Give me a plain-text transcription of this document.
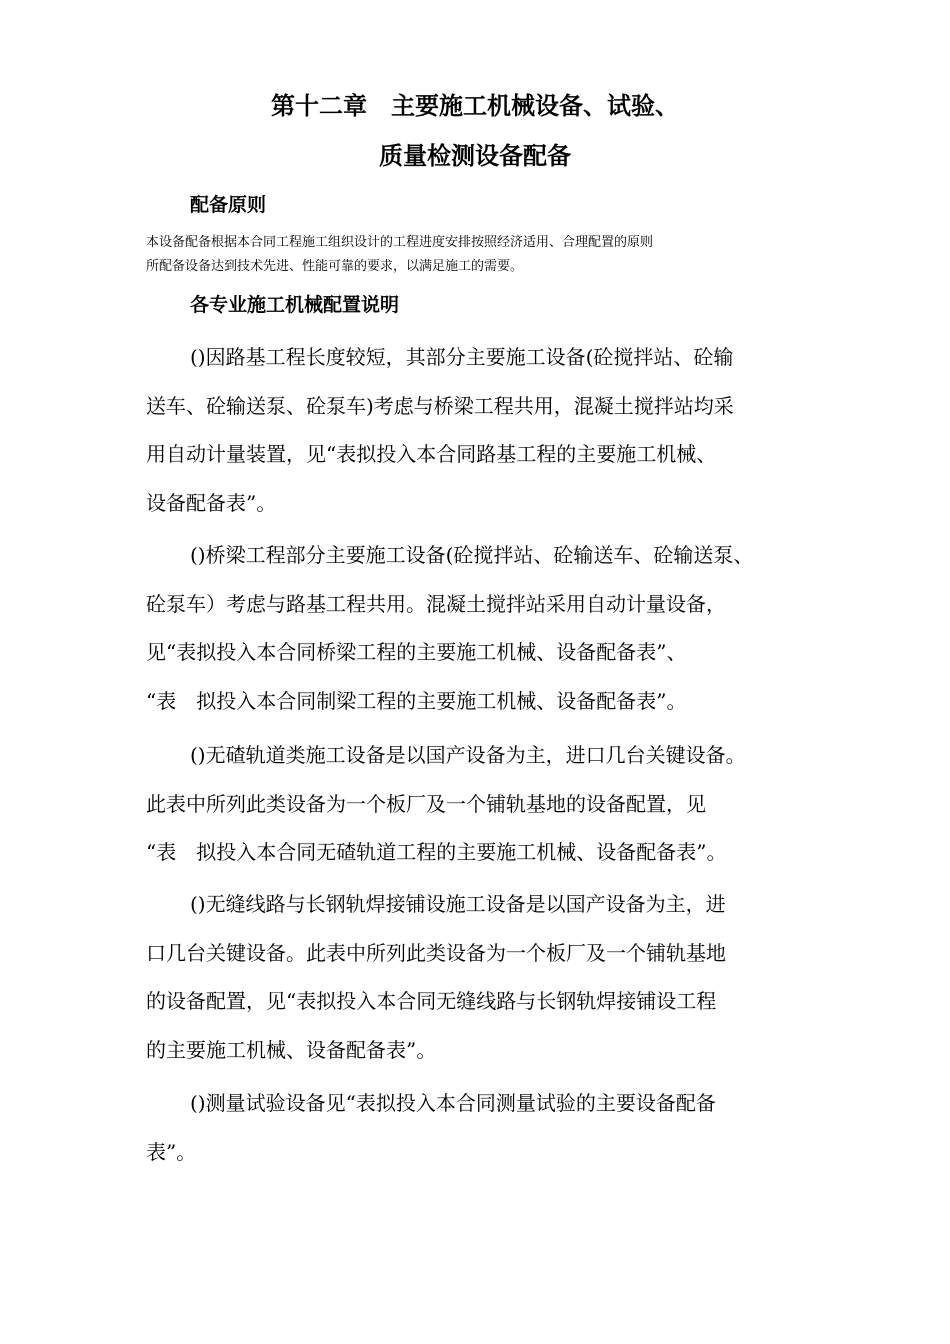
第十二章　主要施工机械设备、试验、
质量检测设备配备
配备原则
本设备配备根据本合同工程施工组织设计的工程进度安排按照经济适用、合理配置的原则
所配备设备达到技术先进、性能可靠的要求，以满足施工的需要。
各专业施工机械配置说明
()因路基工程长度较短，其部分主要施工设备(砼搅拌站、砼输
送车、砼输送泵、砼泵车)考虑与桥梁工程共用，混凝土搅拌站均采
用自动计量装置，见“表拟投入本合同路基工程的主要施工机械、
设备配备表”。
()桥梁工程部分主要施工设备(砼搅拌站、砼输送车、砼输送泵、
砼泵车）考虑与路基工程共用。混凝土搅拌站采用自动计量设备，
见“表拟投入本合同桥梁工程的主要施工机械、设备配备表”、
“表　拟投入本合同制梁工程的主要施工机械、设备配备表”。
()无碴轨道类施工设备是以国产设备为主，进口几台关键设备。
此表中所列此类设备为一个板厂及一个铺轨基地的设备配置，见
“表　拟投入本合同无碴轨道工程的主要施工机械、设备配备表”。
()无缝线路与长钢轨焊接铺设施工设备是以国产设备为主，进
口几台关键设备。此表中所列此类设备为一个板厂及一个铺轨基地
的设备配置，见“表拟投入本合同无缝线路与长钢轨焊接铺设工程
的主要施工机械、设备配备表”。
()测量试验设备见“表拟投入本合同测量试验的主要设备配备
表”。
